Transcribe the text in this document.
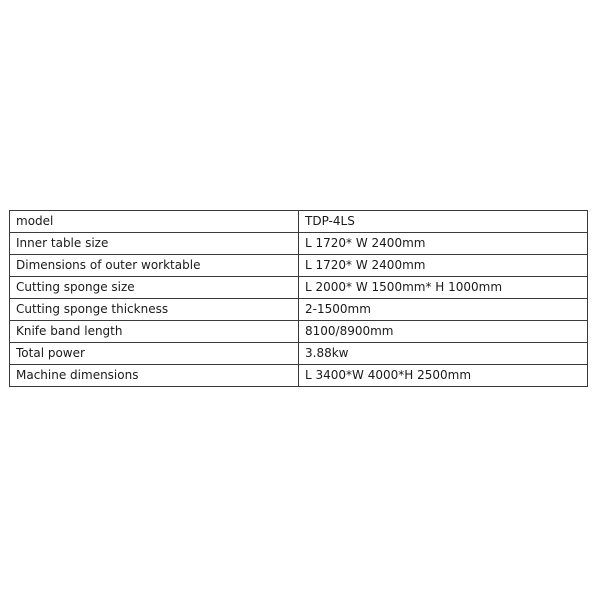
model	TDP-4LS
Inner table size	L 1720* W 2400mm
Dimensions of outer worktable	L 1720* W 2400mm
Cutting sponge size	L 2000* W 1500mm* H 1000mm
Cutting sponge thickness	2-1500mm
Knife band length	8100/8900mm
Total power	3.88kw
Machine dimensions	L 3400*W 4000*H 2500mm
